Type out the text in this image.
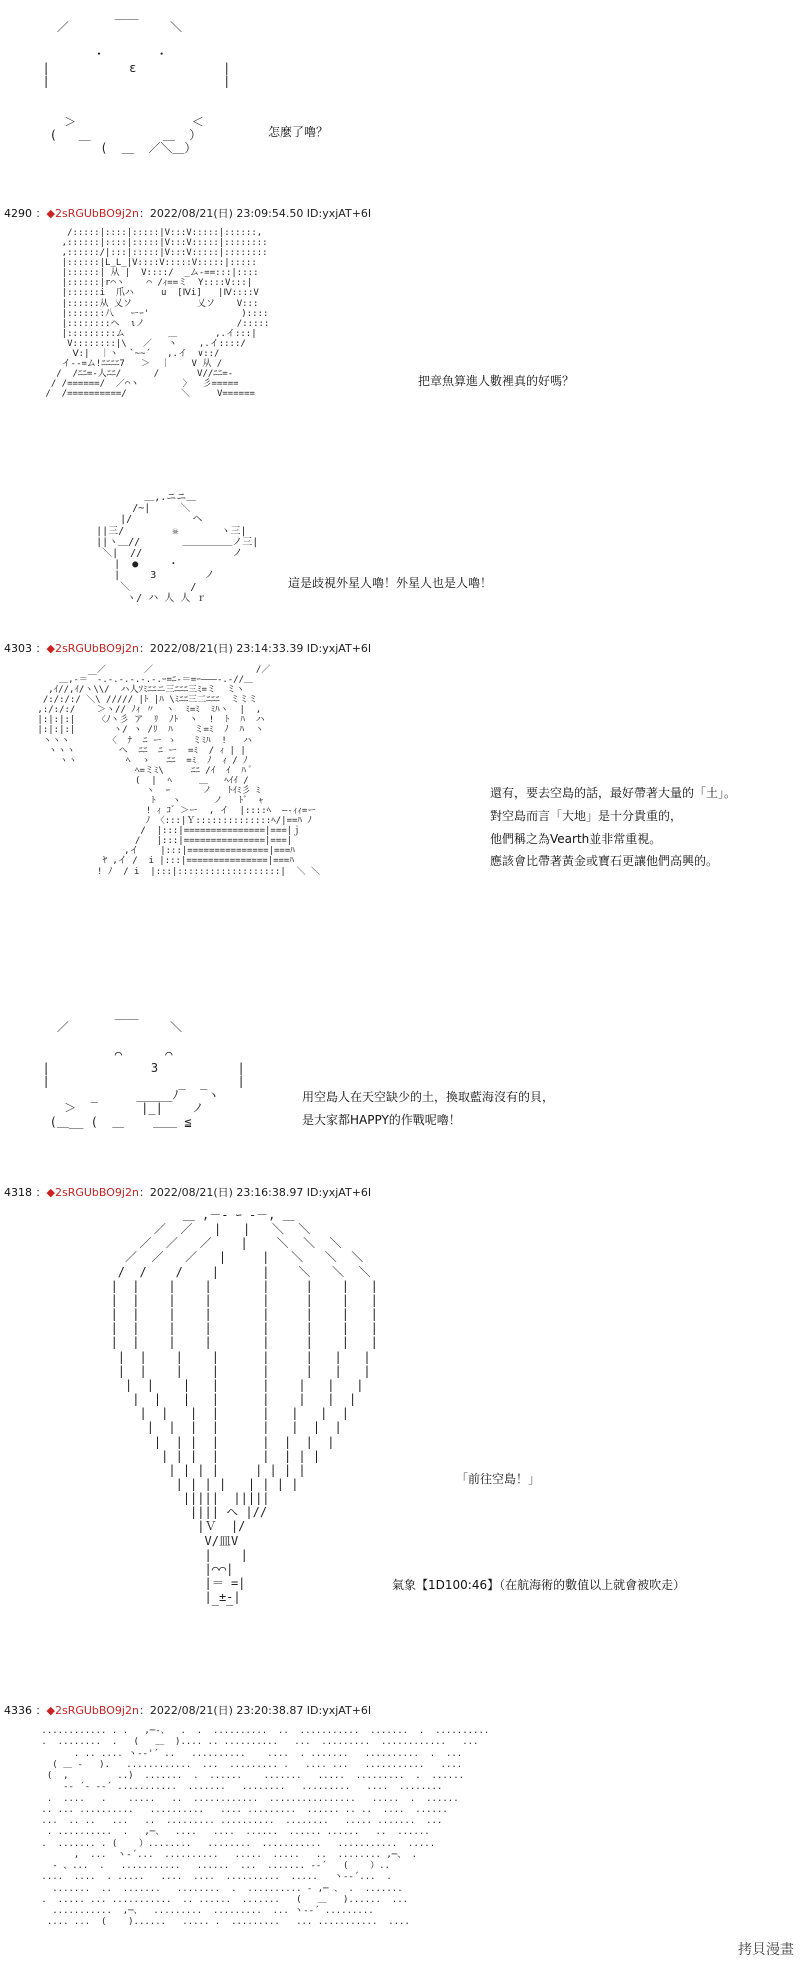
＿＿
／              ＼

・       ・
|           ε            |
|                        |

＞                ＜
(   ＿          ＿  ）
(  ＿  ／＼＿）
怎麼了嚕？
4290 ：◆2sRGUbBO9j2n：2022/08/21(日) 23:09:54.50 ID:yxjAT+6I
/:::::|::::|:::::|V:::V:::::|::::::,
,::::::|::::|:::::|V:::V:::::|::::::::
,::::::/|:::|:::::|V:::V:::::|::::::::
|::::::|L_L_|V::::V:::::V:::::|:::::
|::::::| 从 |  V::::/  _ム-==:::|::::
|::::::|r⌒ヽ    ⌒ /ｨ==ミ  Y::::V:::|
|::::::i  爪ハ     u  [Ⅳi]   |Ⅳ::::V
|::::::从 乂ソ            乂ソ    V:::
|:::::::八   ーｰ'                 )::::
|::::::::ヘ  ιノ                 /:::::
|:::::::::ム        ＿       ,.イ:::|
V::::::::|\   ／   ヽ    ,.イ::::/
Ⅴ:|  ｜ヽ  `~~´   ,.イ  ∨::/
イ--=ム!ﾆﾆﾆﾆ7   ＞  ｜    V 从 /
/  /ﾆﾆ=-人ﾆﾆ/      /       V//ﾆﾆ=-
/ /======/  ／⌒ヽ        〉  彡=====
/  /==========/          ＼     V======
把章魚算進人數裡真的好嗎？
＿,.ニニ＿
/~|     ＼
|/          ヘ
||三/        ☠       ヽ三|
||ヽ＿//       ＿＿＿＿＿ノ三|
＼|  //               ノ
|  ●     ・
|     3        ノ
＼          /
ヽ/ ハ 人 人 ｒ
這是歧視外星人嚕！外星人也是人嚕！
4303 ：◆2sRGUbBO9j2n：2022/08/21(日) 23:14:33.39 ID:yxjAT+6I
／       ／                   /／
＿,-＝￣-.-.-.-.-.-.ｰ=ﾆ-＝=ｰ―――-.-//＿
,ｲ//,ｲ/ヽ\\/  ハ人ｿﾐﾆﾆニ三ﾆﾆﾆ三ﾐ=ミ  ミヽ
/:/:/:/ ＼\ ///// |ﾄ |ﾊ \ﾐﾆﾆ三二ﾆﾆﾆ  ミミミ
,:/:/:/    ＞ヽ// ﾉｨ 〃  ヽ  ﾐ=ﾐ  ﾐﾊヽ  |  ,
|:|:|:|    〈ﾉヽ彡 ア  ﾘ  ﾉﾄ  ヽ  !  ﾄ  ﾊ  ハ
|:|:|:|       ヽ/ ヽ /ﾘ  ﾊ    ミ=ﾐ  ﾉ  ﾊ  ヽ
ヽヽヽ       〈  ﾅ  ﾆ ー ゝ   ミﾐﾊ  !   ハ
ヽヽヽ        ヘ  ﾆﾆ  ﾆ ー  =ﾐ  / ｨ | |
ヽヽ         ﾍ  ゝ   ﾆﾆ  =ﾐ  ﾉ  ｨ / ﾉ
ﾍ=ミﾐ\     ﾆﾆ /ｲ  ｲ  ﾊ ﾟ
(  |  ﾍ     ＿   ﾍｲｲ /
ヽ  ｰ      ノ   ﾄｲﾐ彡 ﾐ
ﾄ   ヽ      ノ   ﾄﾞ  ｬ
! ｨ ｺ゛＞ー  , イ  |::::ﾍ  ―-ｨｨ=ー
ﾉ 〈:::|Ｙ::::::::::::::ﾍ/|==ﾊ ﾉ
/  |:::|===============|===|ｊ
/   |:::|===============|===|
,イ    |:::|===============|===ﾊ
ﾔ ,イ /  i |:::|===============|===ﾊ
! ﾉ  / i  |:::|:::::::::::::::::::|  ＼ ＼
還有，要去空島的話，最好帶著大量的「土」。
對空島而言「大地」是十分貴重的，
他們稱之為Vearth並非常重視。
應該會比帶著黃金或寶石更讓他們高興的。
＿＿
／              ＼

⌒      ⌒
|              3           |
|                          |
_____ﾉ‾  ‾ヽ
＞  ‾      |_|    ノ
(＿__ (  ＿    ＿＿ ≦
用空島人在天空缺少的土，換取藍海沒有的貝，
是大家都HAPPY的作戰呢嚕！
4318 ：◆2sRGUbBO9j2n：2022/08/21(日) 23:16:38.97 ID:yxjAT+6I
＿ ,－‐ ｰ ‐－, ＿
／  ／   |   |   ＼  ＼
／  ／   ／    |    ＼  ＼  ＼
／  ／   ／   |     |   ＼   ＼  ＼
/  /    /    |      |    ＼   ＼  ＼
|  |    |    |       |     |    |   |
|  |    |    |       |     |    |   |
|  |    |    |       |     |    |   |
|  |    |    |       |     |    |   |
|  |    |    |       |     |    |   |
|  |    |    |      |     |   |   |
|  |    |    |      |     |   |   |
|  |    |   |      |    |   |   |
|  |   |   |      |    |   |  |
|  |   |  |      |   |   |  |
|  |  |  |      |   |  |  |
|  | |  |      |  |  |  |
| | |  |      |  | | |
| | | |     | | | |
| | | |   | | | |
|||||  |||||
|||| ヘ |//
|Ｖ  |/
V/皿V
|    |
|⌒⌒|
|＝ =|
| ±-|
‾ ‾
「前往空島！」
氣象【1D100:46】（在航海術的數值以上就會被吹走）
4336 ：◆2sRGUbBO9j2n：2022/08/21(日) 23:20:38.87 ID:yxjAT+6I
............ . .   ,─‐、  .  .  ..........  ..  ...........  .......  .  ..........
.  ........  .   (   ＿  ).... .. ..........   ...  .........  ............   ...
. .. .... ヽ‐‐'´ ..   ..........    ....  . .......   ..........  .  ...
( ＿ ‐   ).   ............  ...  ......... .   .... ...   ...........   ....
(  ,         ..)  .......  .  ......    .......   .....  .........  .  ......
‐‐ ´‐ ‐‐´ ...........  .......   ........   .........   ....  ........
.  ....   .    .....   ..  ............  ................   .....  .  ......
.. ... ..........   ..........   .... .........  ...... .. ..  ....  ......
...  .. ..   ...   ..  ......... ..........  ........   ..... .......  ...
. ..........  .   ,─、  ....   ....  ......  ...... ......   ..  ......
.  ....... . (    ）........   ........  ...........   ...........  .....
,  ...  ヽ‐´...  ..........   .....  .....   ..  ........ ,─、 .
‐ 、...  .   ...........   ......  ...  ....... ‐‐´   (    ）..
....  ....  . .....   ....  ....  ..........  .....   ヽ‐‐´...  .
.......  ..  .......   ........  .  .......... ‐ ,─ 、 .  .......
.  ..... ... ...........  .. ......  .......   (   ＿   )......  ...
...........  ,─、  .........  .........  ... ヽ‐‐´ .........
.... ...  (    )......   ..... .  .........   ... ...........  ....
拷貝漫畫
